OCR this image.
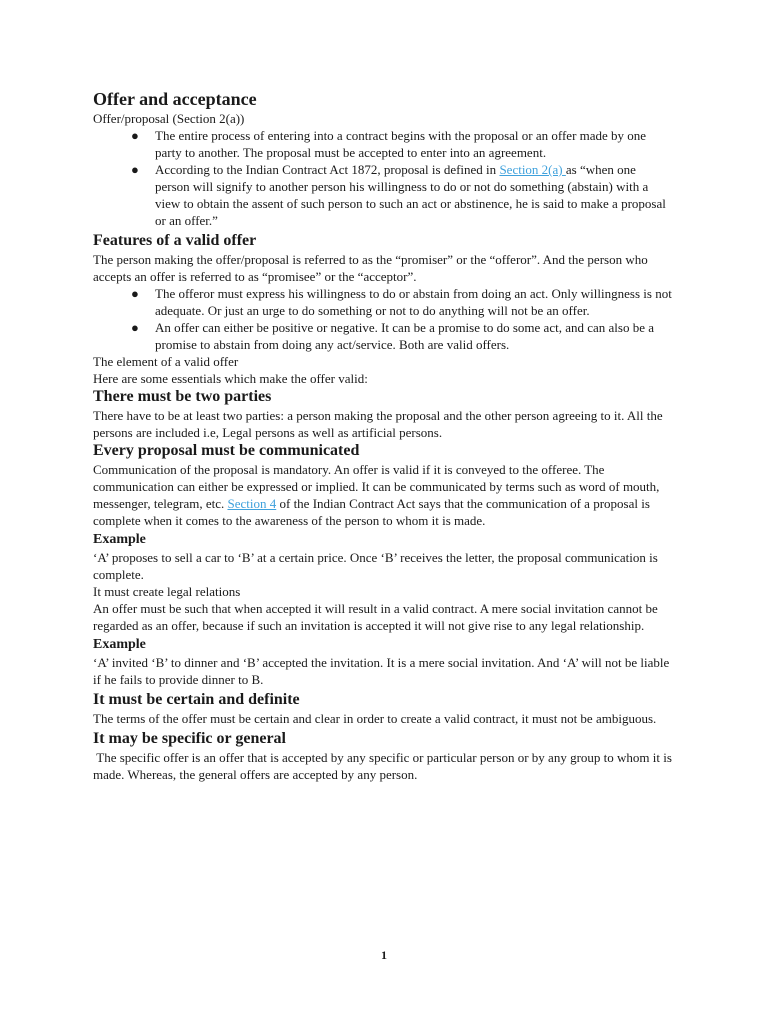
Offer and acceptance
Offer/proposal (Section 2(a))
● The entire process of entering into a contract begins with the proposal or an offer made by one party to another. The proposal must be accepted to enter into an agreement.
● According to the Indian Contract Act 1872, proposal is defined in Section 2(a) as “when one person will signify to another person his willingness to do or not do something (abstain) with a view to obtain the assent of such person to such an act or abstinence, he is said to make a proposal or an offer.”
Features of a valid offer
The person making the offer/proposal is referred to as the “promiser” or the “offeror”. And the person who accepts an offer is referred to as “promisee” or the “acceptor”.
● The offeror must express his willingness to do or abstain from doing an act. Only willingness is not adequate. Or just an urge to do something or not to do anything will not be an offer.
● An offer can either be positive or negative. It can be a promise to do some act, and can also be a promise to abstain from doing any act/service. Both are valid offers.
The element of a valid offer
Here are some essentials which make the offer valid:
There must be two parties
There have to be at least two parties: a person making the proposal and the other person agreeing to it. All the persons are included i.e, Legal persons as well as artificial persons.
Every proposal must be communicated
Communication of the proposal is mandatory. An offer is valid if it is conveyed to the offeree. The communication can either be expressed or implied. It can be communicated by terms such as word of mouth, messenger, telegram, etc. Section 4 of the Indian Contract Act says that the communication of a proposal is complete when it comes to the awareness of the person to whom it is made.
Example
‘A’ proposes to sell a car to ‘B’ at a certain price. Once ‘B’ receives the letter, the proposal communication is complete.
It must create legal relations
An offer must be such that when accepted it will result in a valid contract. A mere social invitation cannot be regarded as an offer, because if such an invitation is accepted it will not give rise to any legal relationship.
Example
‘A’ invited ‘B’ to dinner and ‘B’ accepted the invitation. It is a mere social invitation. And ‘A’ will not be liable if he fails to provide dinner to B.
It must be certain and definite
The terms of the offer must be certain and clear in order to create a valid contract, it must not be ambiguous.
It may be specific or general
The specific offer is an offer that is accepted by any specific or particular person or by any group to whom it is made. Whereas, the general offers are accepted by any person.
1
